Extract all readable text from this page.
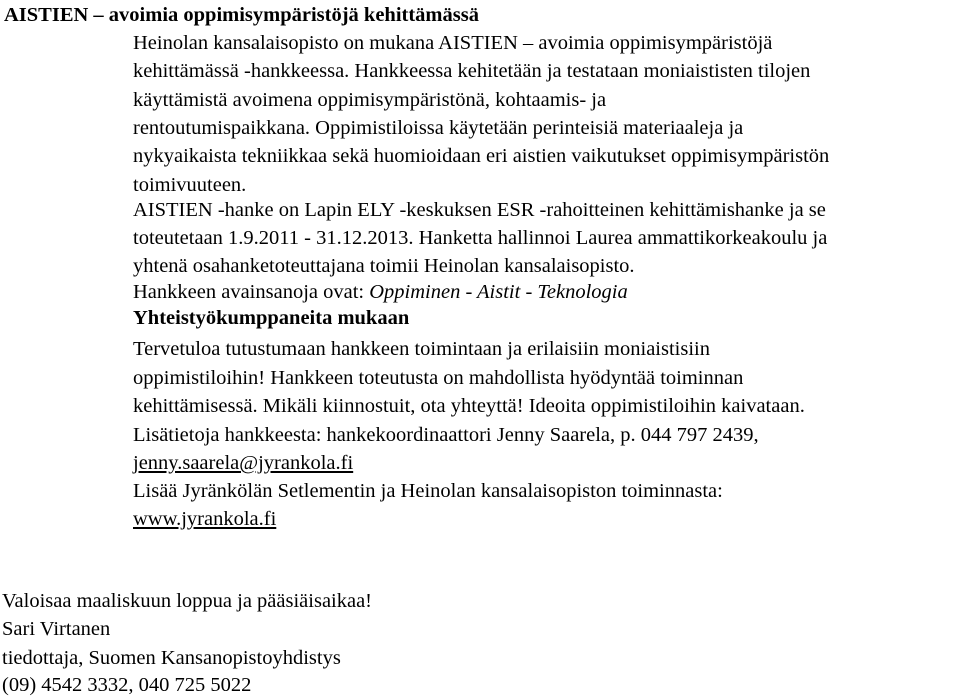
AISTIEN – avoimia oppimisympäristöjä kehittämässä
Heinolan kansalaisopisto on mukana AISTIEN – avoimia oppimisympäristöjä
kehittämässä -hankkeessa. Hankkeessa kehitetään ja testataan moniaististen tilojen
käyttämistä avoimena oppimisympäristönä, kohtaamis- ja
rentoutumispaikkana. Oppimistiloissa käytetään perinteisiä materiaaleja ja
nykyaikaista tekniikkaa sekä huomioidaan eri aistien vaikutukset oppimisympäristön
toimivuuteen.
AISTIEN -hanke on Lapin ELY -keskuksen ESR -rahoitteinen kehittämishanke ja se
toteutetaan 1.9.2011 - 31.12.2013. Hanketta hallinnoi Laurea ammattikorkeakoulu ja
yhtenä osahanketoteuttajana toimii Heinolan kansalaisopisto.
Hankkeen avainsanoja ovat: Oppiminen - Aistit - Teknologia
Yhteistyökumppaneita mukaan
Tervetuloa tutustumaan hankkeen toimintaan ja erilaisiin moniaistisiin
oppimistiloihin! Hankkeen toteutusta on mahdollista hyödyntää toiminnan
kehittämisessä. Mikäli kiinnostuit, ota yhteyttä! Ideoita oppimistiloihin kaivataan.
Lisätietoja hankkeesta: hankekoordinaattori Jenny Saarela, p. 044 797 2439,
jenny.saarela@jyrankola.fi
Lisää Jyränkölän Setlementin ja Heinolan kansalaisopiston toiminnasta:
www.jyrankola.fi
Valoisaa maaliskuun loppua ja pääsiäisaikaa!
Sari Virtanen
tiedottaja, Suomen Kansanopistoyhdistys
(09) 4542 3332, 040 725 5022
